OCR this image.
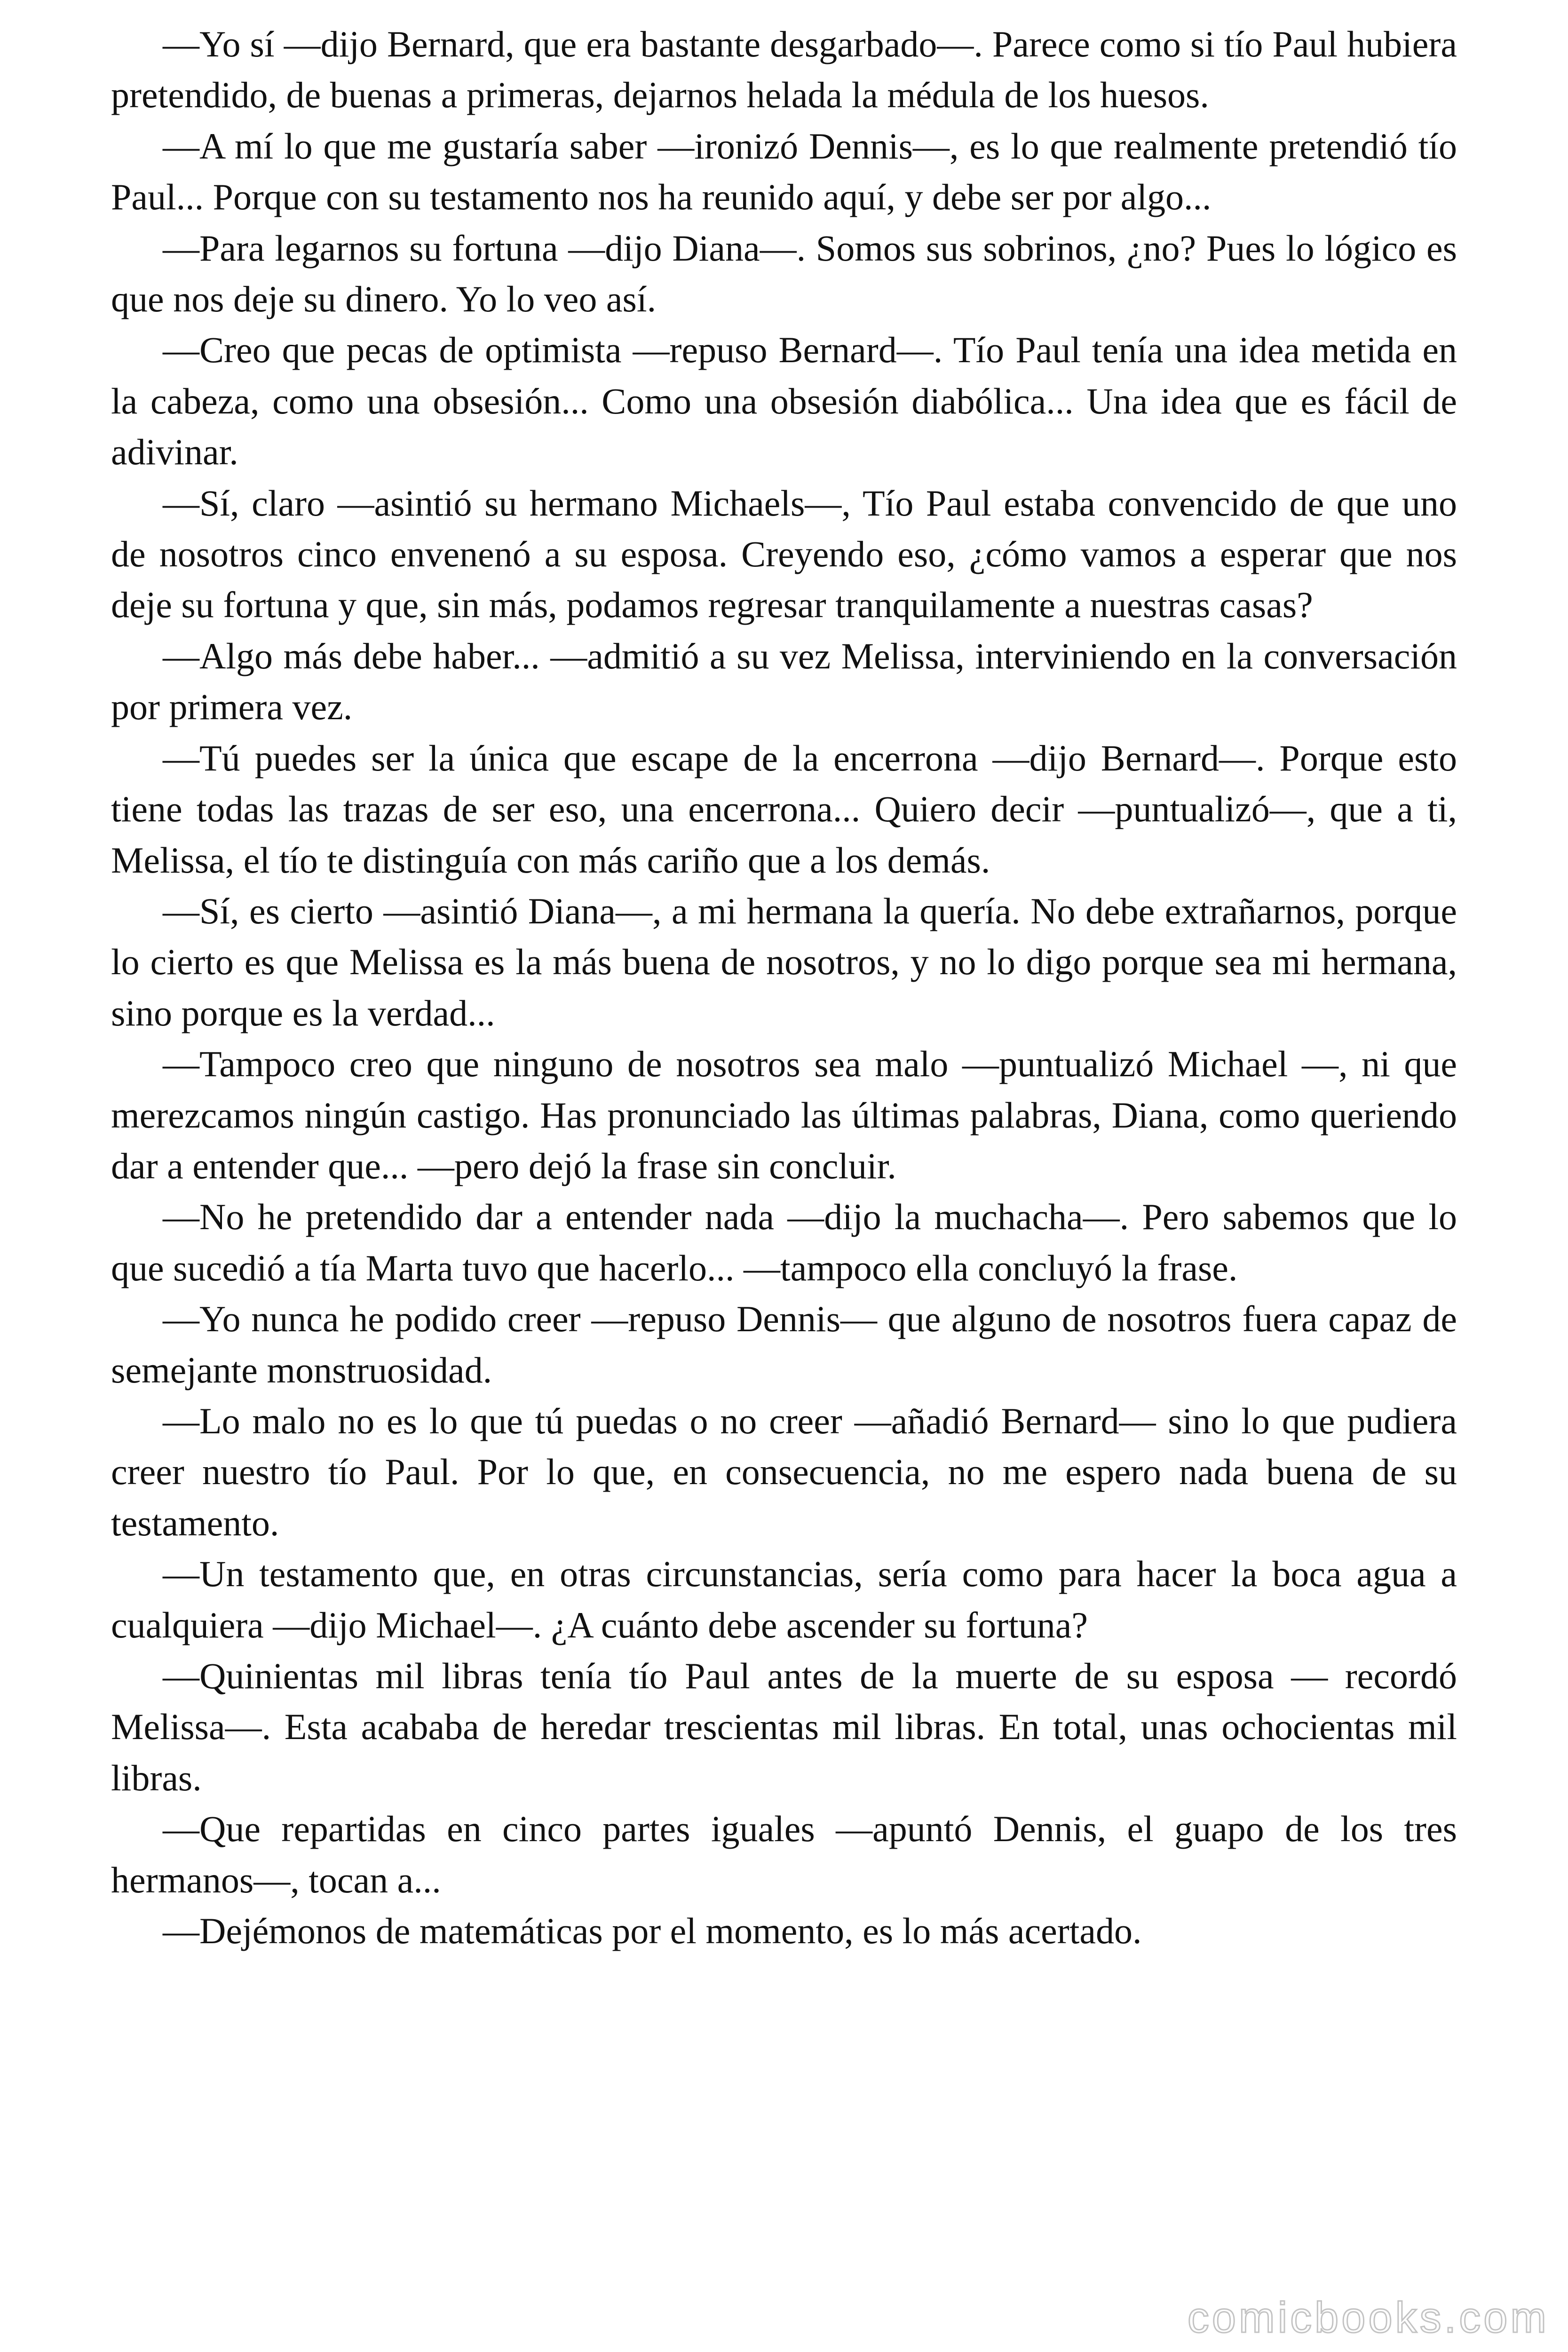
—Yo sí —dijo Bernard, que era bastante desgarbado—. Parece como si tío Paul hubiera pretendido, de buenas a primeras, dejarnos helada la médula de los huesos.

—A mí lo que me gustaría saber —ironizó Dennis—, es lo que realmente pretendió tío Paul... Porque con su testamento nos ha reunido aquí, y debe ser por algo...

—Para legarnos su fortuna —dijo Diana—. Somos sus sobrinos, ¿no? Pues lo lógico es que nos deje su dinero. Yo lo veo así.

—Creo que pecas de optimista —repuso Bernard—. Tío Paul tenía una idea metida en la cabeza, como una obsesión... Como una obsesión diabólica... Una idea que es fácil de adivinar.

—Sí, claro —asintió su hermano Michaels—, Tío Paul estaba convencido de que uno de nosotros cinco envenenó a su esposa. Creyendo eso, ¿cómo vamos a esperar que nos deje su fortuna y que, sin más, podamos regresar tranquilamente a nuestras casas?

—Algo más debe haber... —admitió a su vez Melissa, interviniendo en la conversación por primera vez.

—Tú puedes ser la única que escape de la encerrona —dijo Bernard—. Porque esto tiene todas las trazas de ser eso, una encerrona... Quiero decir —puntualizó—, que a ti, Melissa, el tío te distinguía con más cariño que a los demás.

—Sí, es cierto —asintió Diana—, a mi hermana la quería. No debe extrañarnos, porque lo cierto es que Melissa es la más buena de nosotros, y no lo digo porque sea mi hermana, sino porque es la verdad...

—Tampoco creo que ninguno de nosotros sea malo —puntualizó Michael —, ni que merezcamos ningún castigo. Has pronunciado las últimas palabras, Diana, como queriendo dar a entender que... —pero dejó la frase sin concluir.

—No he pretendido dar a entender nada —dijo la muchacha—. Pero sabemos que lo que sucedió a tía Marta tuvo que hacerlo... —tampoco ella concluyó la frase.

—Yo nunca he podido creer —repuso Dennis— que alguno de nosotros fuera capaz de semejante monstruosidad.

—Lo malo no es lo que tú puedas o no creer —añadió Bernard— sino lo que pudiera creer nuestro tío Paul. Por lo que, en consecuencia, no me espero nada buena de su testamento.

—Un testamento que, en otras circunstancias, sería como para hacer la boca agua a cualquiera —dijo Michael—. ¿A cuánto debe ascender su fortuna?

—Quinientas mil libras tenía tío Paul antes de la muerte de su esposa — recordó Melissa—. Esta acababa de heredar trescientas mil libras. En total, unas ochocientas mil libras.

—Que repartidas en cinco partes iguales —apuntó Dennis, el guapo de los tres hermanos—, tocan a...

—Dejémonos de matemáticas por el momento, es lo más acertado.

comicbooks.com
